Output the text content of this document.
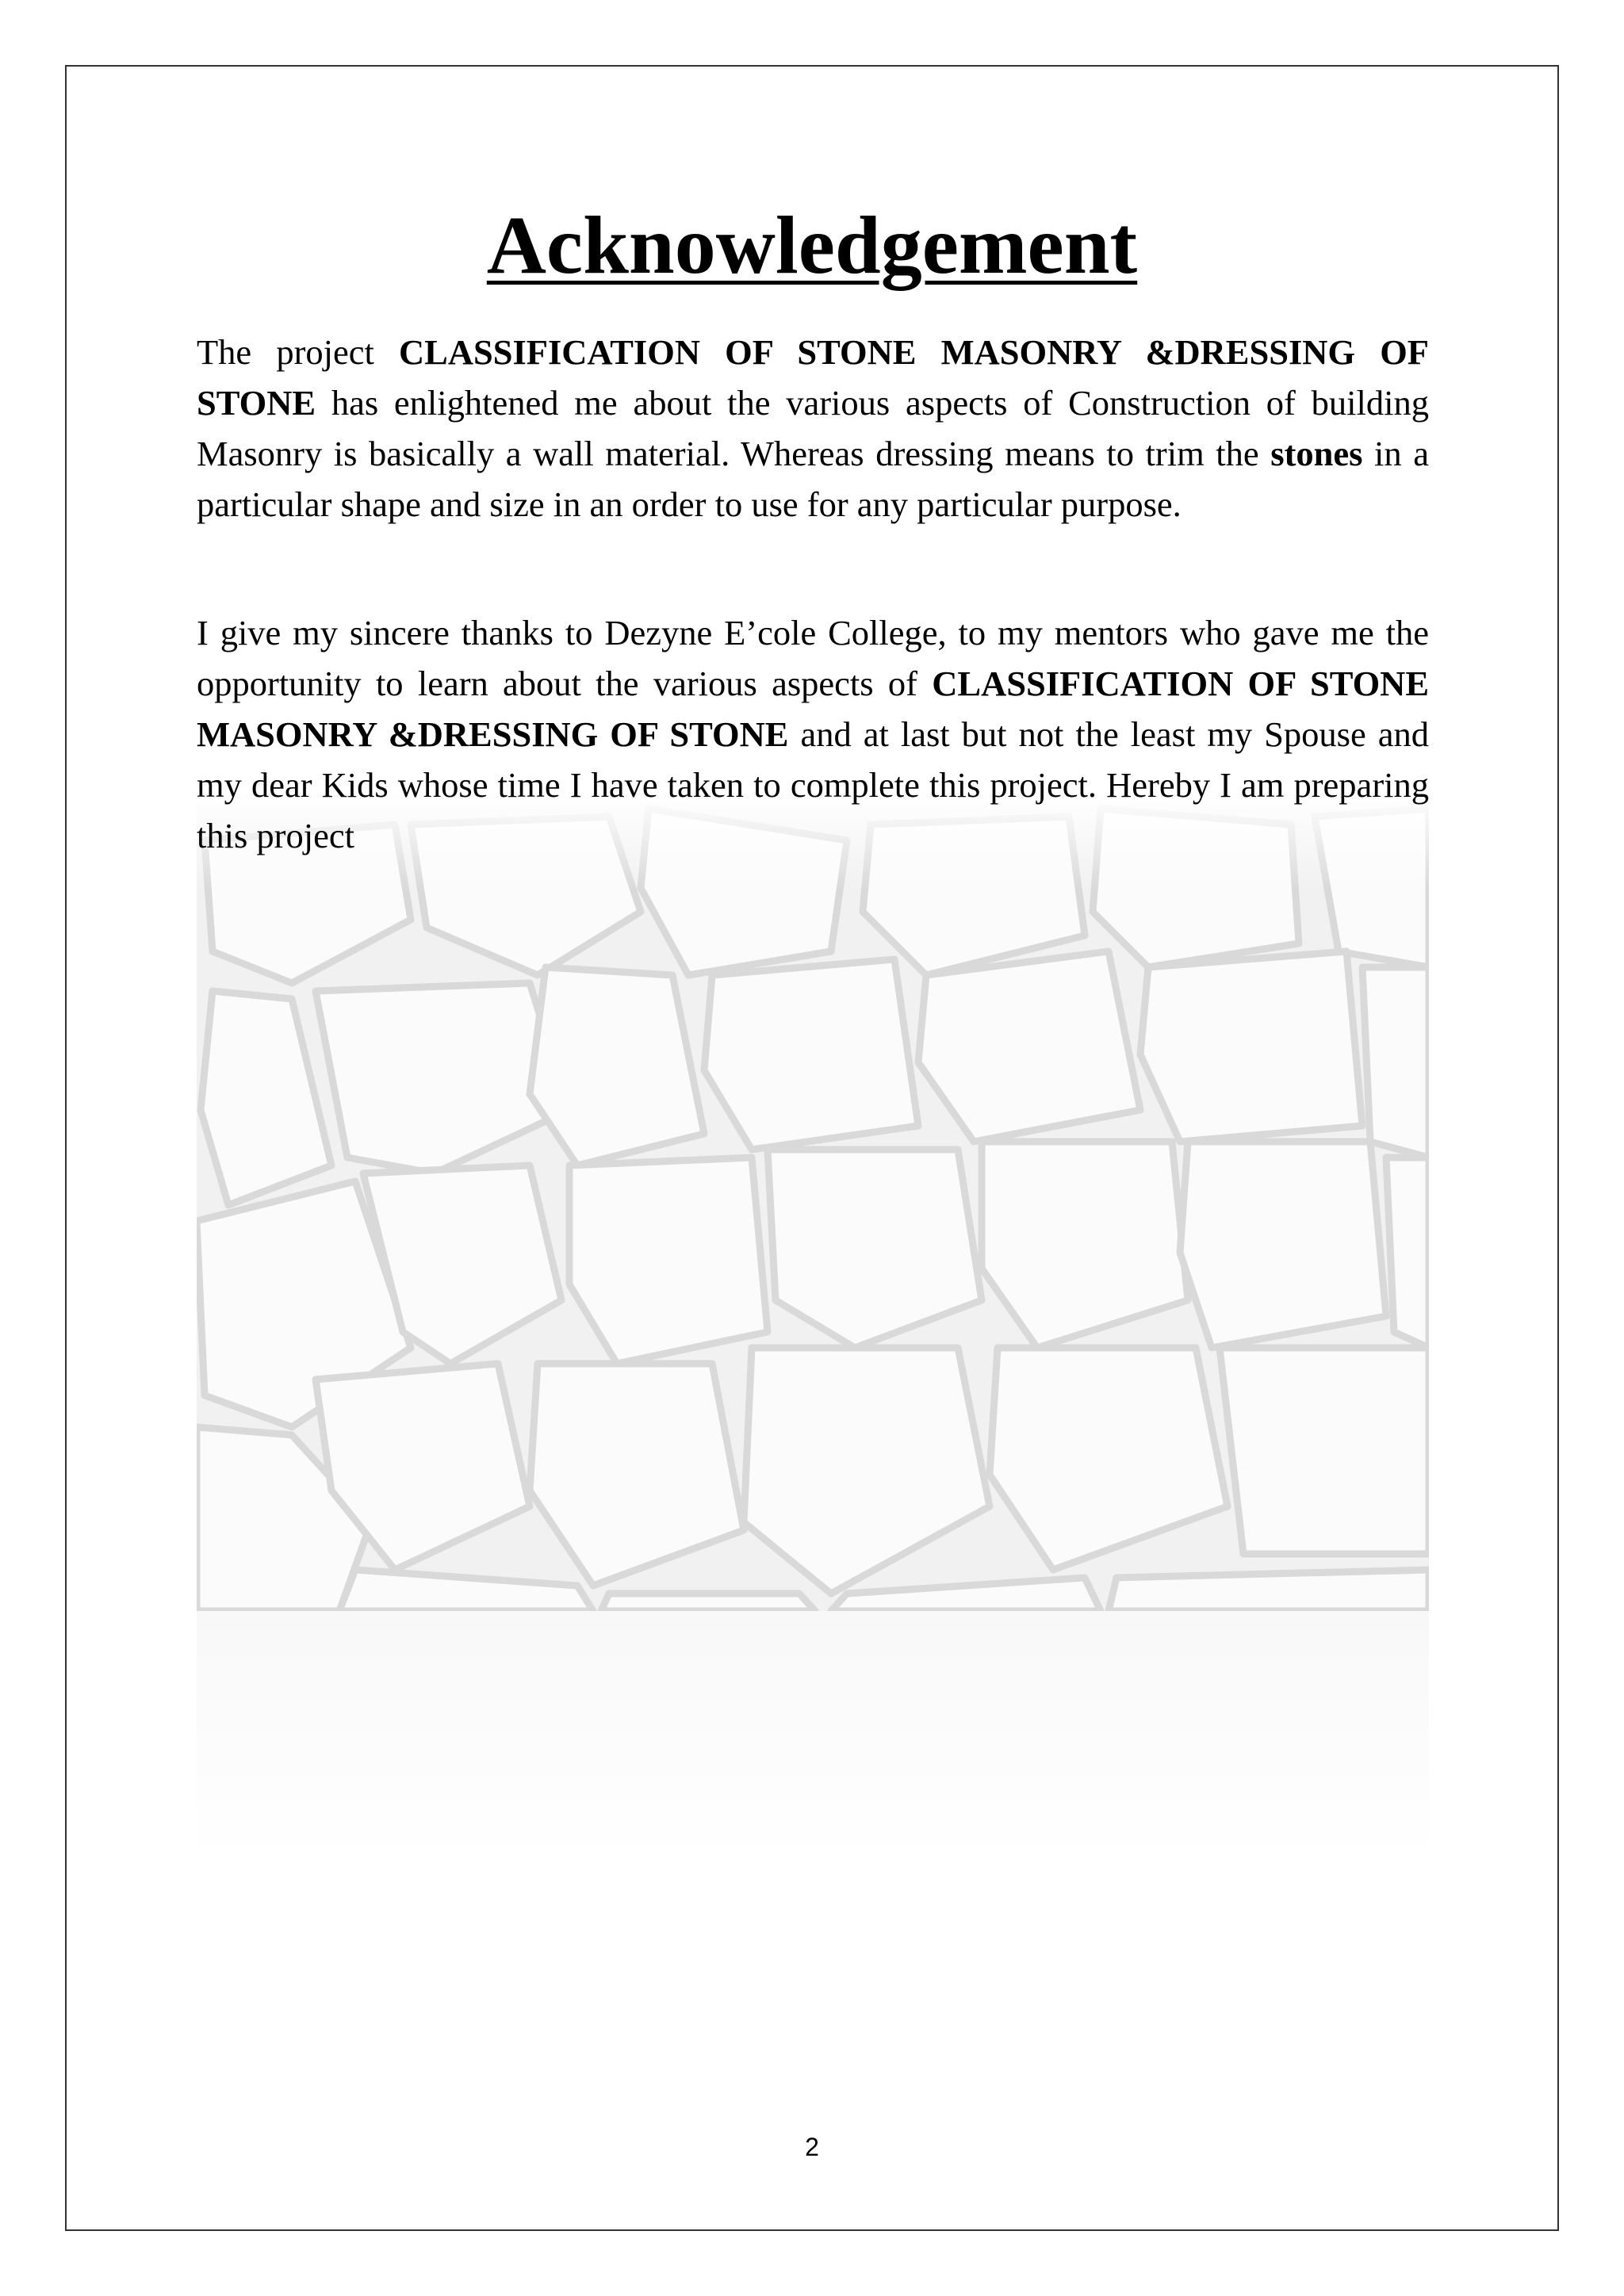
Acknowledgement

The project CLASSIFICATION OF STONE MASONRY &DRESSING OF STONE has enlightened me about the various aspects of Construction of building Masonry is basically a wall material. Whereas dressing means to trim the stones in a particular shape and size in an order to use for any particular purpose.

I give my sincere thanks to Dezyne E’cole College, to my mentors who gave me the opportunity to learn about the various aspects of CLASSIFICATION OF STONE MASONRY &DRESSING OF STONE and at last but not the least my Spouse and my dear Kids whose time I have taken to complete this project. Hereby I am preparing this project

2
